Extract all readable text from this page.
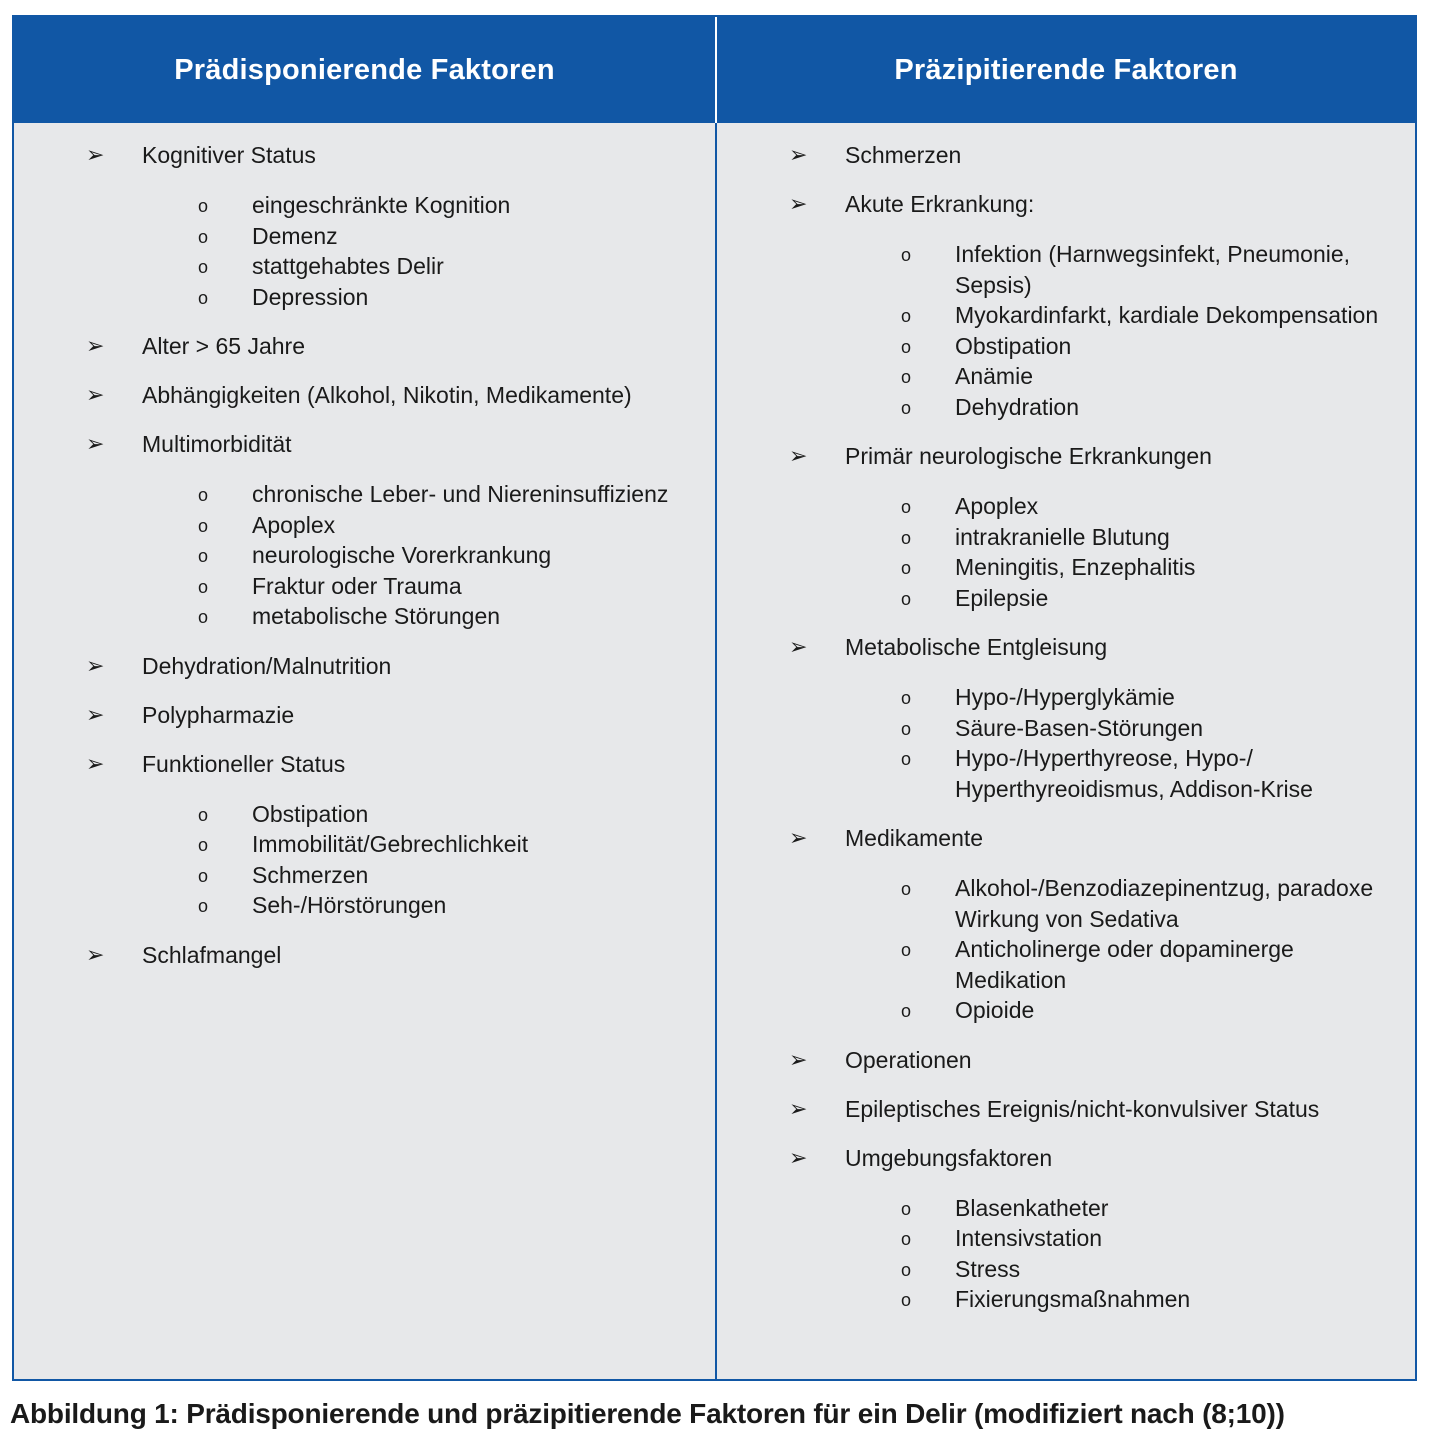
Prädisponierende Faktoren
➢ Kognitiver Status
o eingeschränkte Kognition
o Demenz
o stattgehabtes Delir
o Depression
➢ Alter > 65 Jahre
➢ Abhängigkeiten (Alkohol, Nikotin, Medikamente)
➢ Multimorbidität
o chronische Leber- und Niereninsuffizienz
o Apoplex
o neurologische Vorerkrankung
o Fraktur oder Trauma
o metabolische Störungen
➢ Dehydration/Malnutrition
➢ Polypharmazie
➢ Funktioneller Status
o Obstipation
o Immobilität/Gebrechlichkeit
o Schmerzen
o Seh-/Hörstörungen
➢ Schlafmangel
Präzipitierende Faktoren
➢ Schmerzen
➢ Akute Erkrankung:
o Infektion (Harnwegsinfekt, Pneumonie, Sepsis)
o Myokardinfarkt, kardiale Dekompensation
o Obstipation
o Anämie
o Dehydration
➢ Primär neurologische Erkrankungen
o Apoplex
o intrakranielle Blutung
o Meningitis, Enzephalitis
o Epilepsie
➢ Metabolische Entgleisung
o Hypo-/Hyperglykämie
o Säure-Basen-Störungen
o Hypo-/Hyperthyreose, Hypo-/ Hyperthyreoidismus, Addison-Krise
➢ Medikamente
o Alkohol-/Benzodiazepinentzug, paradoxe Wirkung von Sedativa
o Anticholinerge oder dopaminerge Medikation
o Opioide
➢ Operationen
➢ Epileptisches Ereignis/nicht-konvulsiver Status
➢ Umgebungsfaktoren
o Blasenkatheter
o Intensivstation
o Stress
o Fixierungsmaßnahmen
Abbildung 1: Prädisponierende und präzipitierende Faktoren für ein Delir (modifiziert nach (8;10))
